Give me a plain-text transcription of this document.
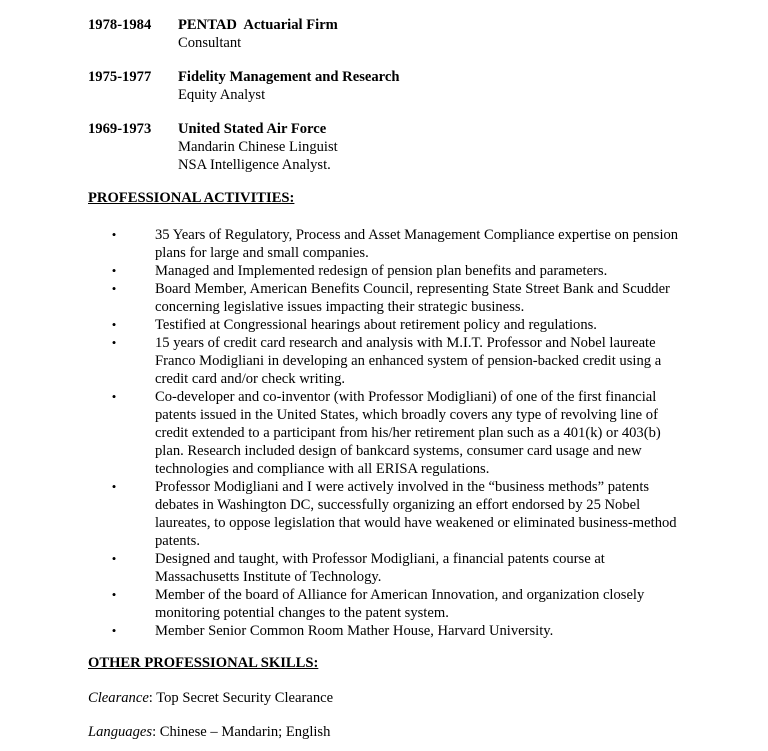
1978-1984 PENTAD  Actuarial Firm
Consultant
1975-1977 Fidelity Management and Research
Equity Analyst
1969-1973 United Stated Air Force
Mandarin Chinese Linguist
NSA Intelligence Analyst.
PROFESSIONAL ACTIVITIES:
•	35 Years of Regulatory, Process and Asset Management Compliance expertise on pension plans for large and small companies.
•	Managed and Implemented redesign of pension plan benefits and parameters.
•	Board Member, American Benefits Council, representing State Street Bank and Scudder concerning legislative issues impacting their strategic business.
•	Testified at Congressional hearings about retirement policy and regulations.
•	15 years of credit card research and analysis with M.I.T. Professor and Nobel laureate Franco Modigliani in developing an enhanced system of pension-backed credit using a credit card and/or check writing.
•	Co-developer and co-inventor (with Professor Modigliani) of one of the first financial patents issued in the United States, which broadly covers any type of revolving line of credit extended to a participant from his/her retirement plan such as a 401(k) or 403(b) plan. Research included design of bankcard systems, consumer card usage and new technologies and compliance with all ERISA regulations.
•	Professor Modigliani and I were actively involved in the “business methods” patents debates in Washington DC, successfully organizing an effort endorsed by 25 Nobel laureates, to oppose legislation that would have weakened or eliminated business-method patents.
•	Designed and taught, with Professor Modigliani, a financial patents course at Massachusetts Institute of Technology.
•	Member of the board of Alliance for American Innovation, and organization closely monitoring potential changes to the patent system.
•	Member Senior Common Room Mather House, Harvard University.
OTHER PROFESSIONAL SKILLS:
Clearance: Top Secret Security Clearance
Languages: Chinese – Mandarin; English
